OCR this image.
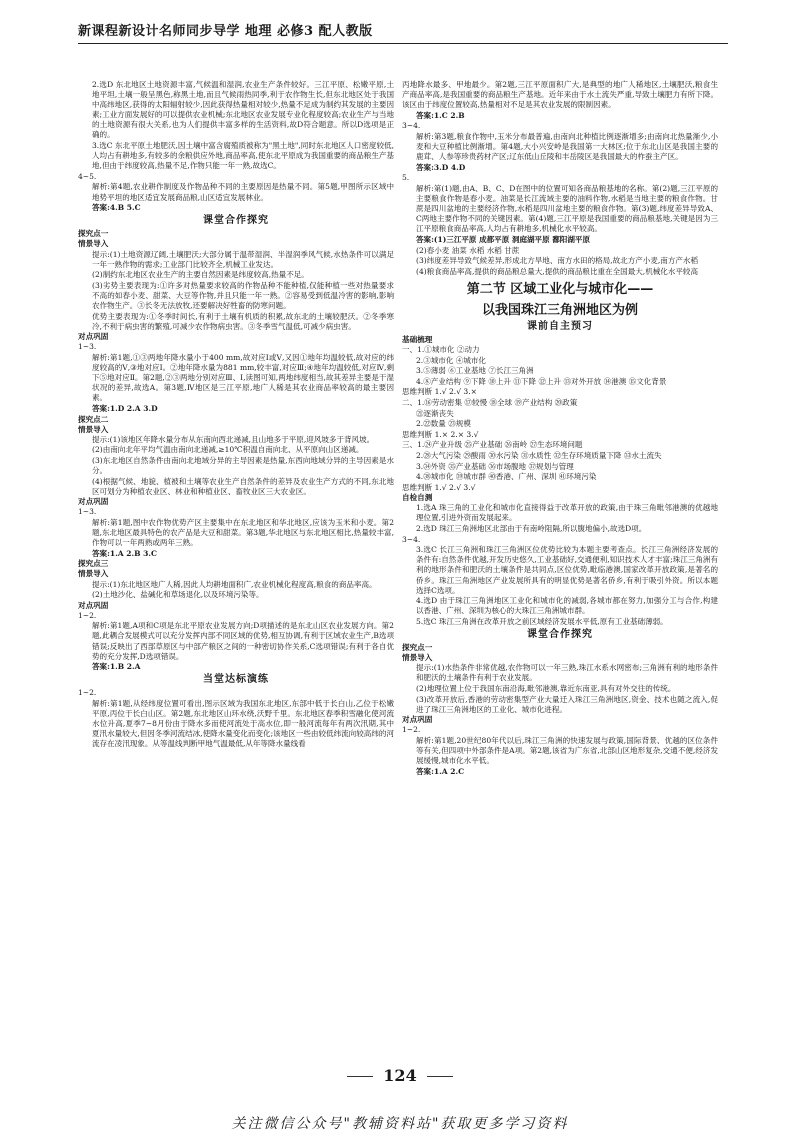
新课程新设计名师同步导学 地理 必修3 配人教版

2.选D 东北地区土地资源丰富,气候温和湿润,农业生产条件较好。三江平原、松嫩平原,土地平坦,土壤一般呈黑色,称黑土地,而且气候雨热同季,利于农作物生长,但东北地区处于我国中高纬地区,获得的太阳辐射较少,因此获得热量相对较少,热量不足成为制约其发展的主要因素;工业方面发展好的可以提供农业机械;东北地区农业发展专业化程度较高;农业生产与当地的土地资源有很大关系,也为人们提供丰富多样的生活资料,故D符合题意。所以D选项是正确的。

3.选C 东北平原土地肥沃,因土壤中富含腐殖质被称为"黑土地",同时东北地区人口密度较低,人均占有耕地多,有较多的余粮供应外地,商品率高,使东北平原成为我国重要的商品粮生产基地,但由于纬度较高,热量不足,作物只能一年一熟,故选C。

4~5.

解析:第4题,农业耕作制度及作物品种不同的主要原因是热量不同。第5题,甲图所示区域中地势平坦的地区适宜发展商品粮,山区适宜发展林业。

答案:4.B 5.C

课堂合作探究

探究点一

情景导入

提示:(1)土地资源辽阔,土壤肥沃;大部分属于温带湿润、半湿润季风气候,水热条件可以满足一年一熟作物的需求;工业部门比较齐全,机械工业发达。

(2)制约东北地区农业生产的主要自然因素是纬度较高,热量不足。

(3)劣势主要表现为:①许多对热量要求较高的作物品种不能种植,仅能种植一些对热量要求不高的如春小麦、甜菜、大豆等作物,并且只能一年一熟。②容易受到低温冷害的影响,影响农作物生产。③长冬无法放牧,还要解决好牲畜的防寒问题。

优势主要表现为:①冬季时间长,有利于土壤有机质的积累,故东北的土壤较肥沃。②冬季寒冷,不利于病虫害的繁殖,可减少农作物病虫害。③冬季雪气温低,可减少病虫害。

对点巩固

1~3.

解析:第1题,①③两地年降水量小于400 mm,故对应Ⅰ或Ⅴ,又因①地年均温较低,故对应的纬度较高的Ⅴ,③地对应Ⅰ。②地年降水量为881 mm,较丰富,对应Ⅲ;④地年均温较低,对应Ⅳ,剩下⑤地对应Ⅱ。第2题,②③两地分别对应Ⅲ、Ⅰ,读图可知,两地纬度相当,故其差异主要是干湿状况的差异,故选A。第3题,Ⅳ地区是三江平原,地广人稀是其农业商品率较高的最主要因素。

答案:1.D 2.A 3.D

探究点二

情景导入

提示:(1)该地区年降水量分布从东南向西北递减,且山地多于平原,迎风坡多于背风坡。

(2)由南向北年平均气温由南向北递减,≥10℃积温自南向北、从平原向山区递减。

(3)东北地区自然条件由南向北地域分异的主导因素是热量,东西向地域分异的主导因素是水分。

(4)根据气候、地貌、植被和土壤等农业生产自然条件的差异及农业生产方式的不同,东北地区可划分为种植农业区、林业和种植业区、畜牧业区三大农业区。

对点巩固

1~3.

解析:第1题,图中农作物优势产区主要集中在东北地区和华北地区,应该为玉米和小麦。第2题,东北地区最具特色的农产品是大豆和甜菜。第3题,华北地区与东北地区相比,热量较丰富,作物可以一年两熟或两年三熟。

答案:1.A 2.B 3.C

探究点三

情景导入

提示:(1)东北地区地广人稀,因此人均耕地面积广,农业机械化程度高,粮食的商品率高。

(2)土地沙化、盐碱化和草场退化,以及环境污染等。

对点巩固

1~2.

解析:第1题,A项和C项是东北平原农业发展方向;D项描述的是东北山区农业发展方向。第2题,此耦合发展模式可以充分发挥内部不同区域的优势,相互协调,有利于区域农业生产,B选项错误;反映出了西部草原区与中部产粮区之间的一种密切协作关系,C选项错误;有利于各自优势的充分发挥,D选项错误。

答案:1.B 2.A

当堂达标演练

1~2.

解析:第1题,从经纬度位置可看出,图示区域为我国东北地区,东部中低于长白山,乙位于松嫩平原,丙位于长白山区。第2题,东北地区山环水绕,沃野千里。东北地区春季积雪融化使河流水位升高,夏季7~8月份由于降水多而使河流处于高水位,即一般河流每年有两次汛期,其中夏汛水量较大,但因冬季河流结冰,使降水量变化而变化;该地区一些由较低纬流向较高纬的河流存在凌汛现象。从等温线判断甲地气温最低,从年等降水量线看

丙地降水最多、甲地最少。第2题,三江平原面积广大,是典型的地广人稀地区,土壤肥沃,粮食生产商品率高,是我国重要的商品粮生产基地。近年来由于水土流失严重,导致土壤肥力有所下降。该区由于纬度位置较高,热量相对不足是其农业发展的限制因素。

答案:1.C 2.B

3~4.

解析:第3题,粮食作物中,玉米分布最普遍,由南向北种植比例逐渐增多;由南向北热量渐少,小麦和大豆种植比例渐增。第4题,大小兴安岭是我国第一大林区;位于东北山区是我国主要的鹿茸、人参等珍贵药材产区;辽东低山丘陵和丰岳陵区是我国最大的柞蚕主产区。

答案:3.D 4.D

5.

解析:第(1)题,由A、B、C、D在图中的位置可知各商品粮基地的名称。第(2)题,三江平原的主要粮食作物是春小麦。油菜是长江流域主要的油料作物,水稻是当地主要的粮食作物。甘蔗是四川盆地的主要经济作物,水稻是四川盆地主要的粮食作物。第(3)题,纬度差异导致A、C两地主要作物不同的关键因素。第(4)题,三江平原是我国重要的商品粮基地,关键是因为三江平原粮食商品率高,人均占有耕地多,机械化水平较高。

答案:(1)三江平原 成都平原 洞庭湖平原 鄱阳湖平原

(2)春小麦 油菜 水稻 水稻 甘蔗

(3)纬度差异导致气候差异,形成北方旱地、南方水田的格局,故北方产小麦,南方产水稻

(4)粮食商品率高,提供的商品粮总量大,提供的商品粮比重在全国最大,机械化水平较高

第二节 区域工业化与城市化——
以我国珠江三角洲地区为例
课前自主预习

基础梳理

一、1.①城市化 ②动力

2.③城市化 ④城市化

3.⑤薄弱 ⑥工业基地 ⑦长江三角洲

4.⑧产业结构 ⑨下降 ⑩上升 ⑪下降 ⑫上升 ⑬对外开放 ⑭港澳 ⑮文化背景

思维判断 1.√ 2.√ 3.×

二、1.⑯劳动密集 ⑰较慢 ⑱全球 ⑲产业结构 ⑳政策

㉑逐渐丧失

2.㉒数量 ㉓规模

思维判断 1.× 2.× 3.√

三、1.㉔产业升级 ㉕产业基础 ㉖南岭 ㉗生态环境问题

2.㉘大气污染 ㉙酸雨 ㉚水污染 ㉛水质性 ㉜生存环境质量下降 ㉝水土流失

3.㉞外资 ㉟产业基础 ㊱市场腹地 ㊲规划与管理

4.㊳城市化 ㊴城市群 ㊵香港、广州、深圳 ㊶环境污染

思维判断 1.√ 2.√ 3.√

自检自测

1.选A 珠三角的工业化和城市化直接得益于改革开放的政策,由于珠三角毗邻港澳的优越地理位置,引进外资而发展起来。

2.选D 珠江三角洲地区北部由于有南岭阻隔,所以腹地偏小,故选D项。

3~4.

3.选C 长江三角洲和珠江三角洲区位优势比较为本题主要考查点。长江三角洲经济发展的条件有:自然条件优越,开发历史悠久,工业基础好,交通便利,知识技术人才丰富;珠江三角洲有利的地形条件和肥沃的土壤条件是共同点,区位优势,毗临港澳,国家改革开放政策,是著名的侨乡。珠江三角洲地区产业发展所具有的明显优势是著名侨乡,有利于吸引外资。所以本题选择C选项。

4.选D 由于珠江三角洲地区工业化和城市化的减弱,各城市都在努力,加强分工与合作,构建以香港、广州、深圳为核心的大珠江三角洲城市群。

5.选C 珠江三角洲在改革开放之前区域经济发展水平低,原有工业基础薄弱。

课堂合作探究

探究点一

情景导入

提示:(1)水热条件非常优越,农作物可以一年三熟,珠江水系水网密布;三角洲有利的地形条件和肥沃的土壤条件有利于农业发展。

(2)地理位置上位于我国东南沿海,毗邻港澳,靠近东南亚,具有对外交往的传统。

(3)改革开放后,香港的劳动密集型产业大量迁入珠江三角洲地区,资金、技术也随之流入,促进了珠江三角洲地区的工业化、城市化进程。

对点巩固

1~2.

解析:第1题,20世纪80年代以后,珠江三角洲的快速发展与政策,国际背景、优越的区位条件等有关,但四项中外部条件是A项。第2题,该省为广东省,北部山区地形复杂,交通不便,经济发展缓慢,城市化水平低。

答案:1.A 2.C

124
关注微信公众号"教辅资料站"获取更多学习资料
